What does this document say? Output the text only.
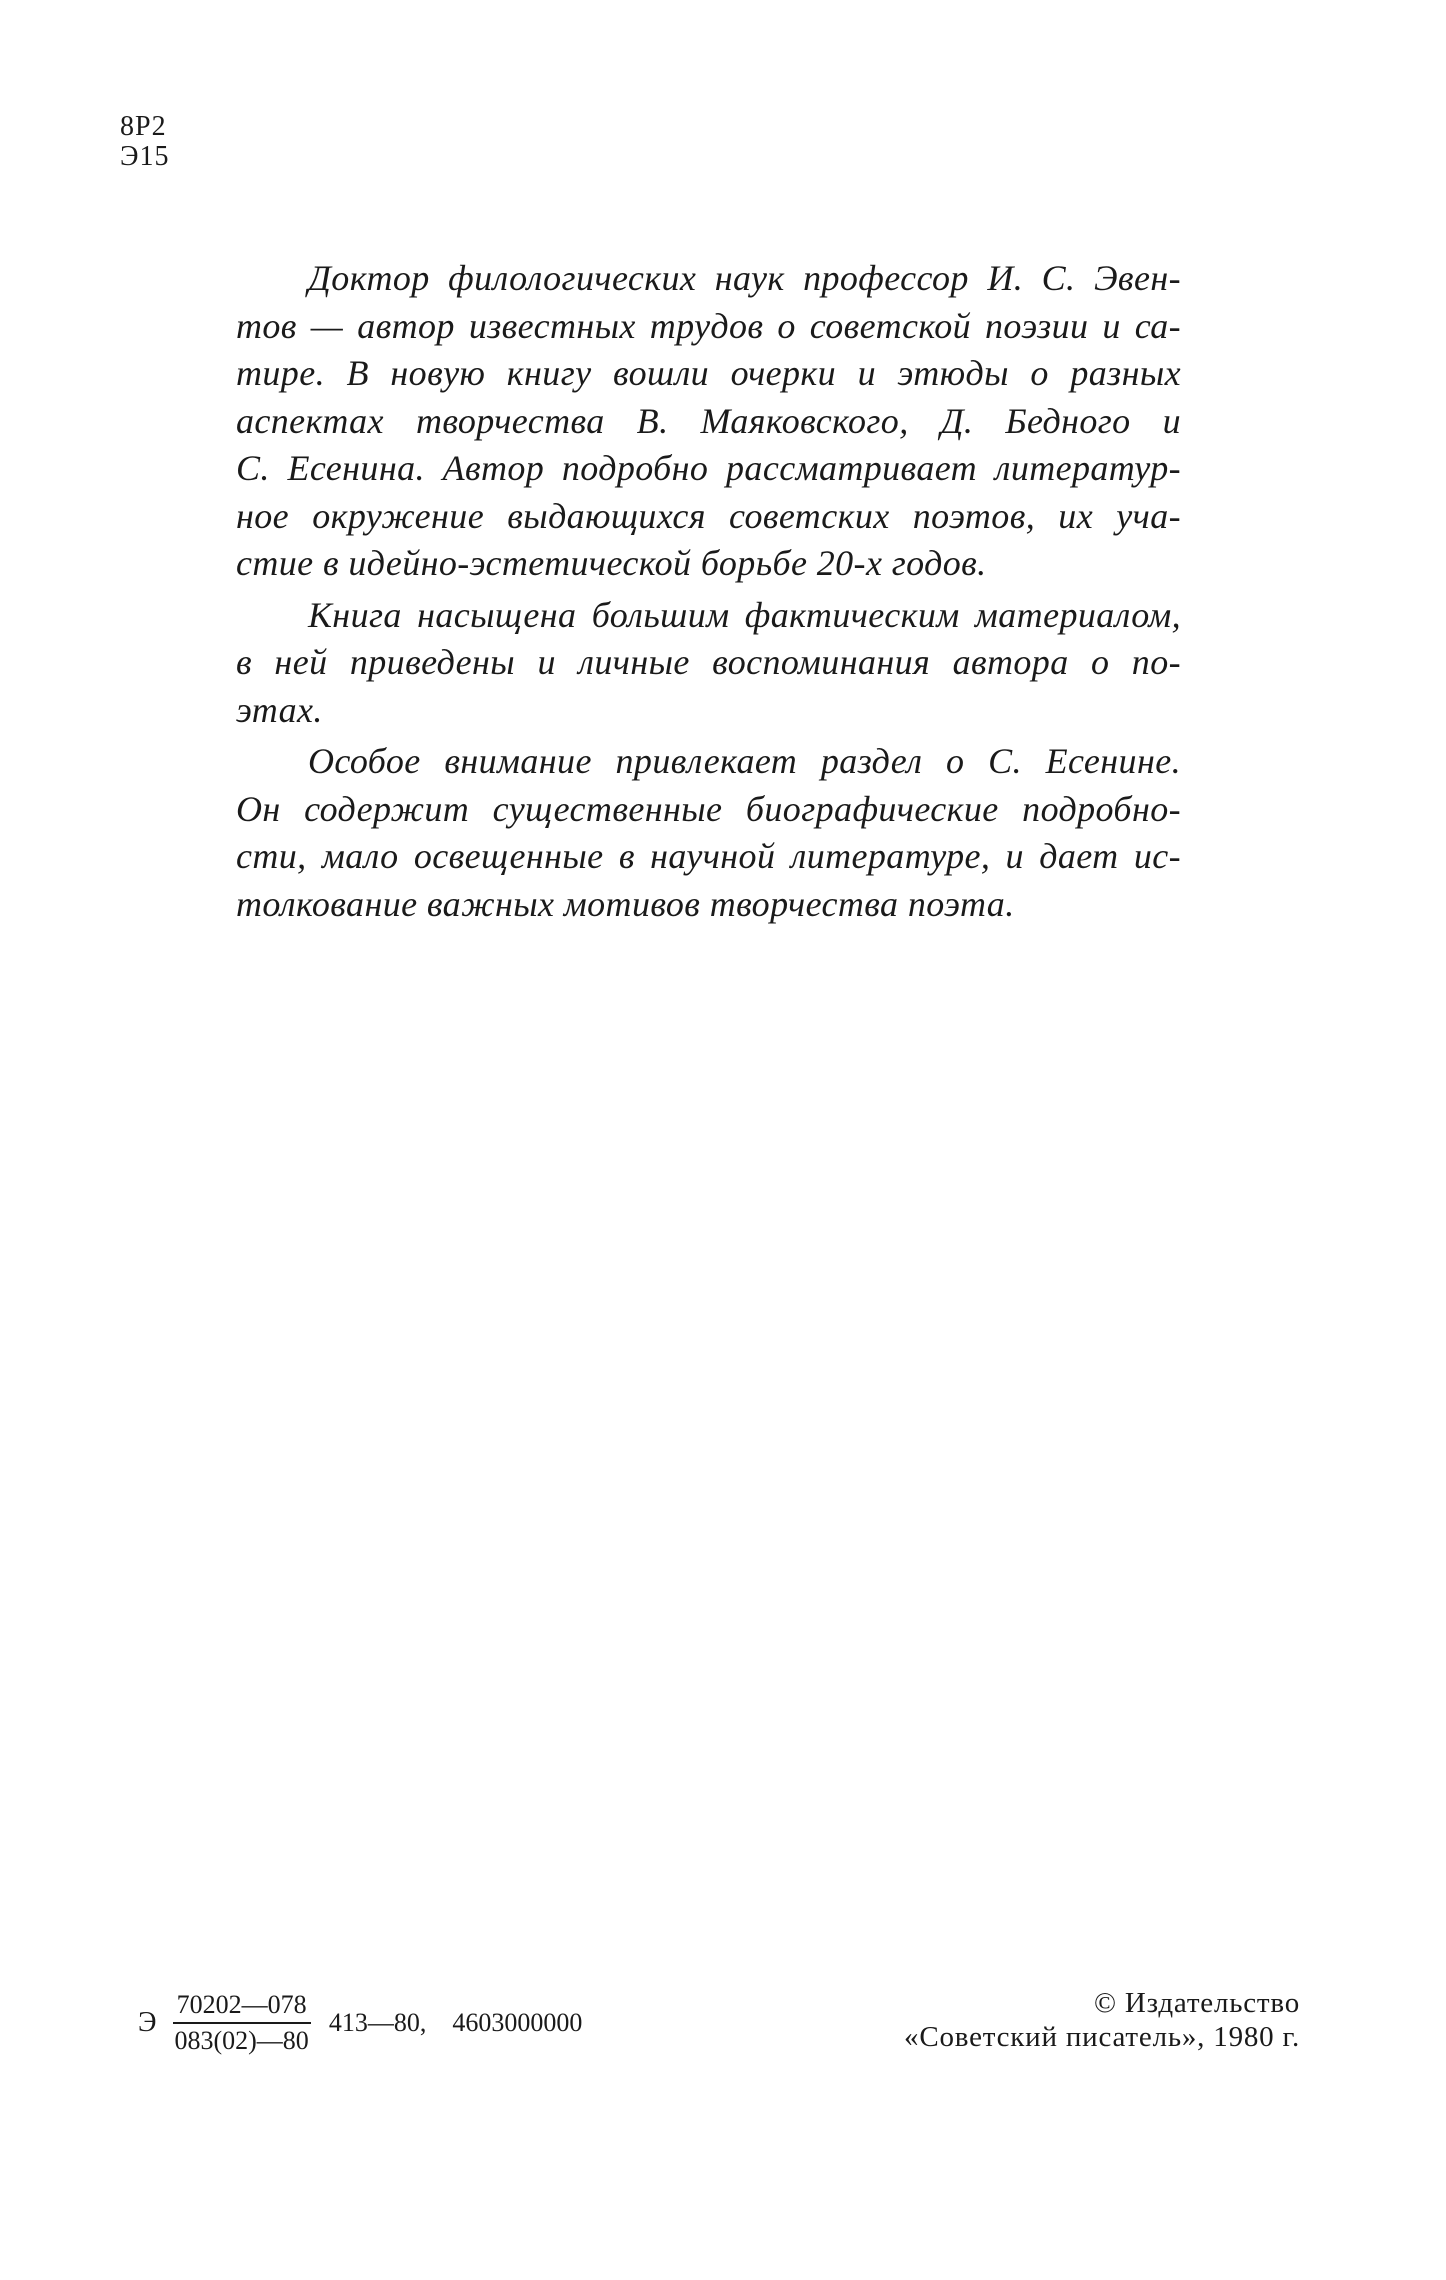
8Р2
Э15
Доктор филологических наук профессор И. С. Эвен-
тов — автор известных трудов о советской поэзии и са-
тире. В новую книгу вошли очерки и этюды о разных
аспектах творчества В. Маяковского, Д. Бедного и
С. Есенина. Автор подробно рассматривает литератур-
ное окружение выдающихся советских поэтов, их уча-
стие в идейно-эстетической борьбе 20-х годов.
Книга насыщена большим фактическим материалом,
в ней приведены и личные воспоминания автора о по-
этах.
Особое внимание привлекает раздел о С. Есенине.
Он содержит существенные биографические подробно-
сти, мало освещенные в научной литературе, и дает ис-
толкование важных мотивов творчества поэта.
Э $\frac{70202—078}{083(02)—80}$ 413—80, 4603000000
© Издательство
«Советский писатель», 1980 г.
